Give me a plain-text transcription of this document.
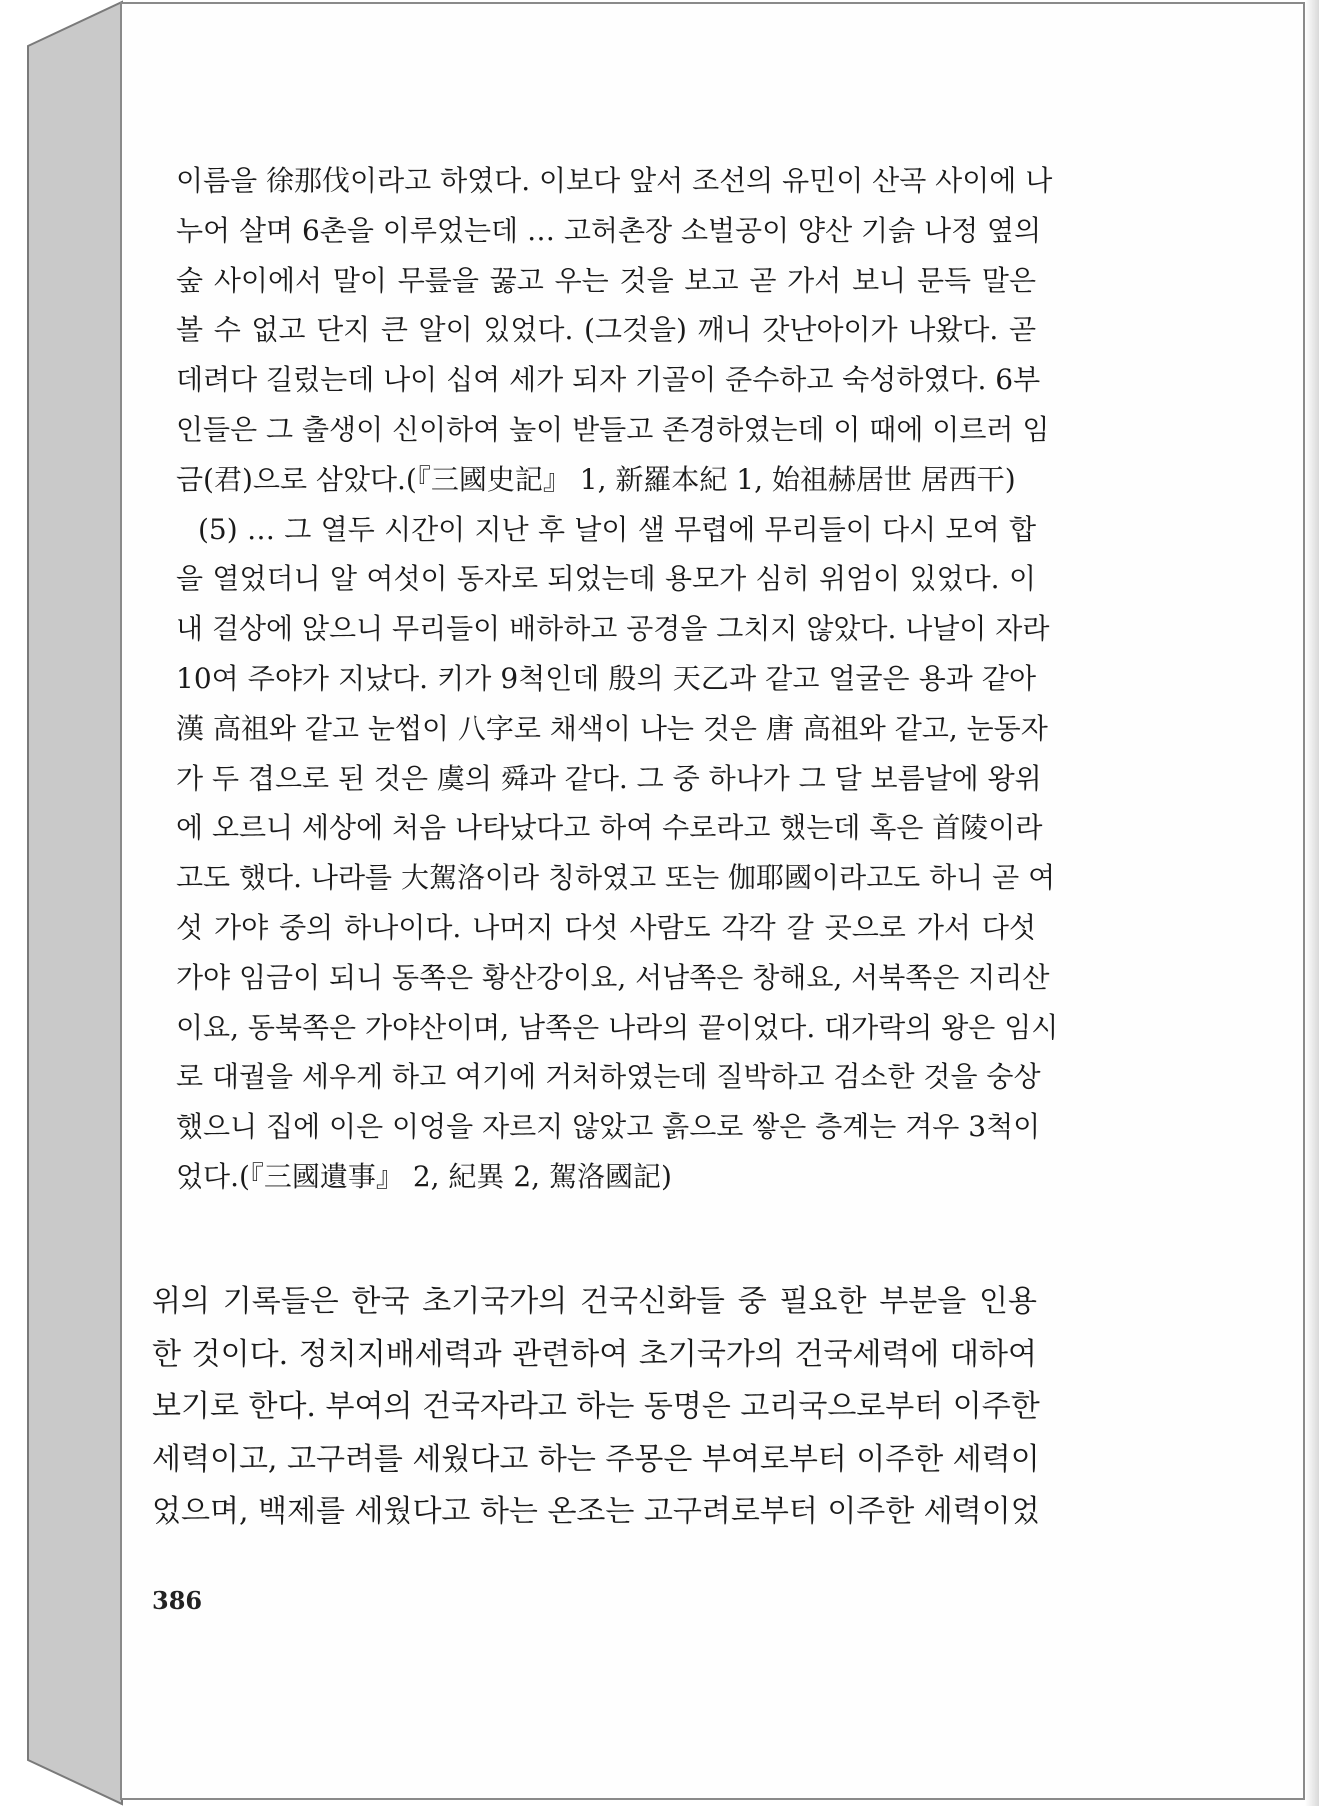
이름을 徐那伐이라고 하였다. 이보다 앞서 조선의 유민이 산곡 사이에 나
누어 살며 6촌을 이루었는데 … 고허촌장 소벌공이 양산 기슭 나정 옆의
숲 사이에서 말이 무릎을 꿇고 우는 것을 보고 곧 가서 보니 문득 말은
볼 수 없고 단지 큰 알이 있었다. (그것을) 깨니 갓난아이가 나왔다. 곧
데려다 길렀는데 나이 십여 세가 되자 기골이 준수하고 숙성하였다. 6부
인들은 그 출생이 신이하여 높이 받들고 존경하였는데 이 때에 이르러 임
금(君)으로 삼았다.(『三國史記』 1, 新羅本紀 1, 始祖赫居世 居西干)
(5) … 그 열두 시간이 지난 후 날이 샐 무렵에 무리들이 다시 모여 합
을 열었더니 알 여섯이 동자로 되었는데 용모가 심히 위엄이 있었다. 이
내 걸상에 앉으니 무리들이 배하하고 공경을 그치지 않았다. 나날이 자라
10여 주야가 지났다. 키가 9척인데 殷의 天乙과 같고 얼굴은 용과 같아
漢 高祖와 같고 눈썹이 八字로 채색이 나는 것은 唐 高祖와 같고, 눈동자
가 두 겹으로 된 것은 虞의 舜과 같다. 그 중 하나가 그 달 보름날에 왕위
에 오르니 세상에 처음 나타났다고 하여 수로라고 했는데 혹은 首陵이라
고도 했다. 나라를 大駕洛이라 칭하였고 또는 伽耶國이라고도 하니 곧 여
섯 가야 중의 하나이다. 나머지 다섯 사람도 각각 갈 곳으로 가서 다섯
가야 임금이 되니 동쪽은 황산강이요, 서남쪽은 창해요, 서북쪽은 지리산
이요, 동북쪽은 가야산이며, 남쪽은 나라의 끝이었다. 대가락의 왕은 임시
로 대궐을 세우게 하고 여기에 거처하였는데 질박하고 검소한 것을 숭상
했으니 집에 이은 이엉을 자르지 않았고 흙으로 쌓은 층계는 겨우 3척이
었다.(『三國遺事』 2, 紀異 2, 駕洛國記)
위의 기록들은 한국 초기국가의 건국신화들 중 필요한 부분을 인용
한 것이다. 정치지배세력과 관련하여 초기국가의 건국세력에 대하여
보기로 한다. 부여의 건국자라고 하는 동명은 고리국으로부터 이주한
세력이고, 고구려를 세웠다고 하는 주몽은 부여로부터 이주한 세력이
었으며, 백제를 세웠다고 하는 온조는 고구려로부터 이주한 세력이었
386
